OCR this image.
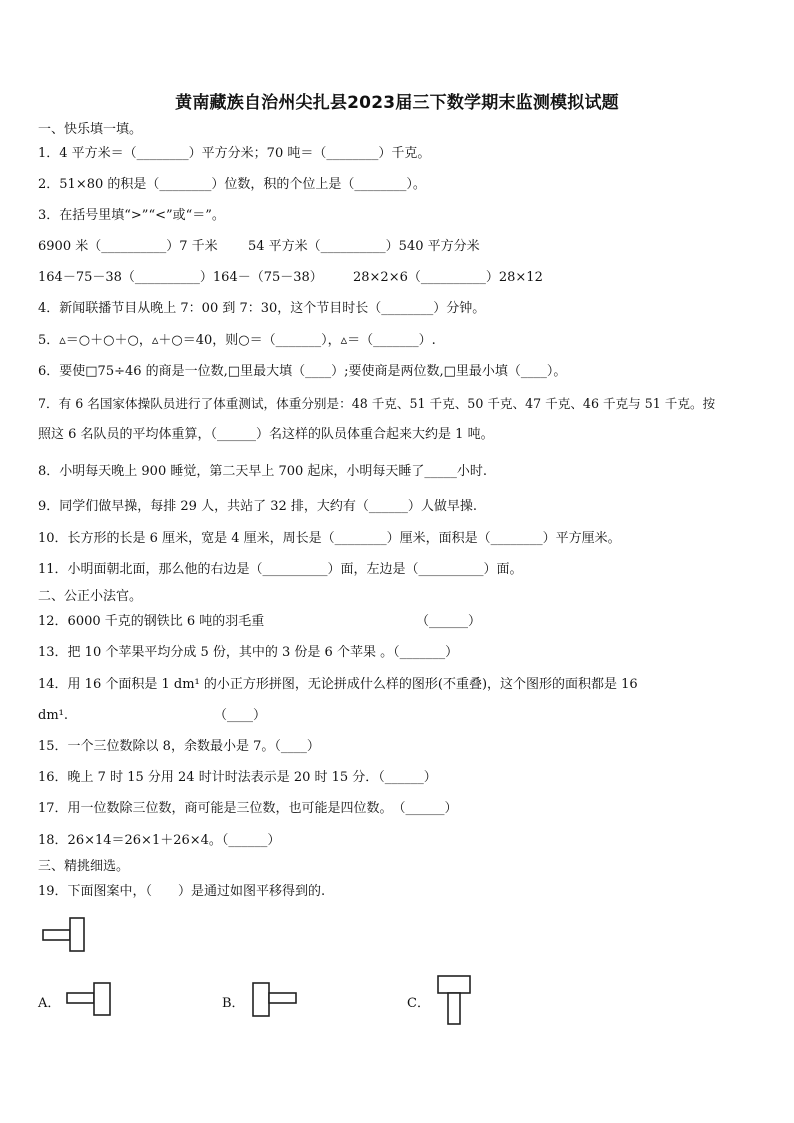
黄南藏族自治州尖扎县2023届三下数学期末监测模拟试题
一、快乐填一填。
1．4 平方米＝（________）平方分米；70 吨＝（________）千克。
2．51×80 的积是（________）位数，积的个位上是（________）。
3．在括号里填“>”“<”或“＝”。
6900 米（__________）7 千米 54 平方米（__________）540 平方分米
164－75－38（__________）164－（75－38） 28×2×6（__________）28×12
4．新闻联播节目从晚上 7：00 到 7：30，这个节目时长（________）分钟。
5．▵＝○＋○＋○，▵＋○＝40，则○＝（_______），▵＝（_______）.
6．要使□75÷46 的商是一位数,□里最大填（____）;要使商是两位数,□里最小填（____）。
7．有 6 名国家体操队员进行了体重测试，体重分别是：48 千克、51 千克、50 千克、47 千克、46 千克与 51 千克。按
照这 6 名队员的平均体重算，（______）名这样的队员体重合起来大约是 1 吨。
8．小明每天晚上 900 睡觉，第二天早上 700 起床，小明每天睡了_____小时.
9．同学们做早操，每排 29 人，共站了 32 排，大约有（______）人做早操.
10．长方形的长是 6 厘米，宽是 4 厘米，周长是（________）厘米，面积是（________）平方厘米。
11．小明面朝北面，那么他的右边是（__________）面，左边是（__________）面。
二、公正小法官。
12．6000 千克的钢铁比 6 吨的羽毛重	（______）
13．把 10 个苹果平均分成 5 份，其中的 3 份是 6 个苹果 。（_______）
14．用 16 个面积是 1 dm¹ 的小正方形拼图，无论拼成什么样的图形(不重叠)，这个图形的面积都是 16
dm¹.	（____）
15．一个三位数除以 8，余数最小是 7。（____）
16．晚上 7 时 15 分用 24 时计时法表示是 20 时 15 分．（______）
17．用一位数除三位数，商可能是三位数，也可能是四位数。　（______）
18．26×14＝26×1＋26×4。（______）
三、精挑细选。
19．下面图案中，（　　）是通过如图平移得到的.
A．	B．	C．
